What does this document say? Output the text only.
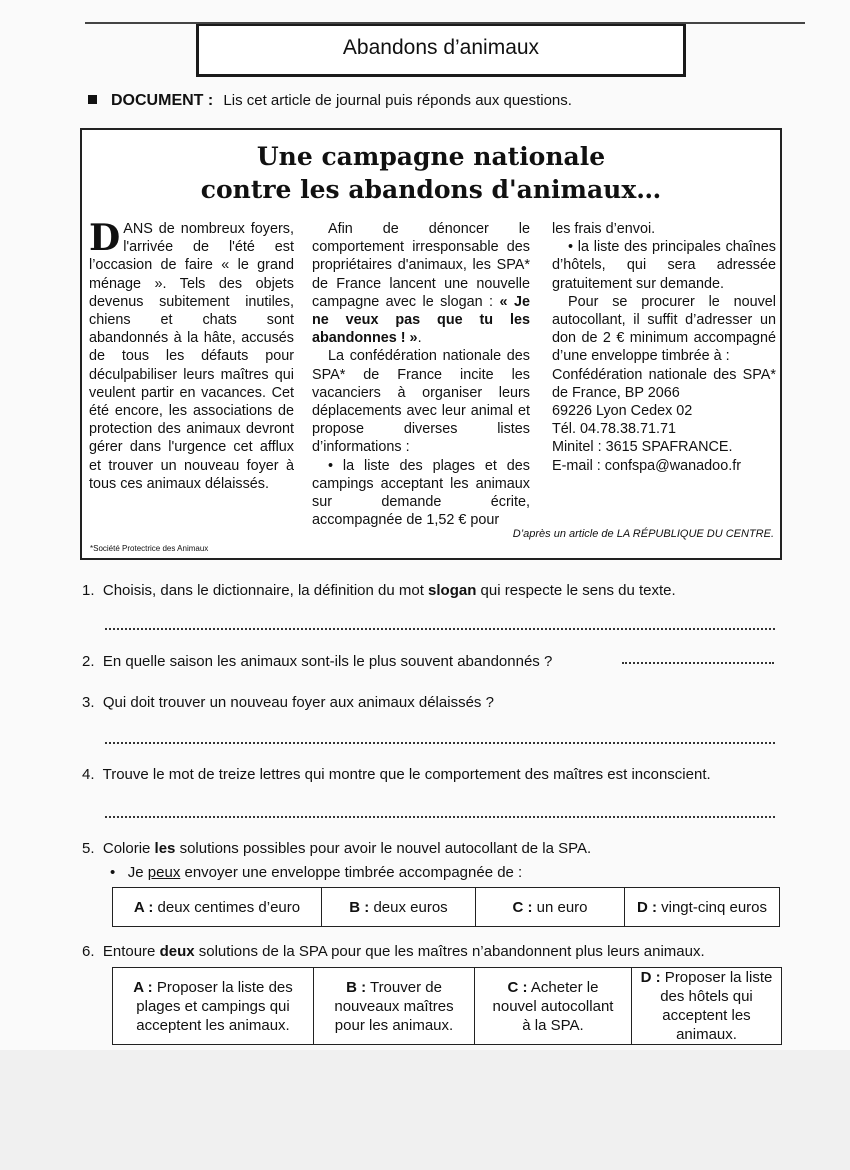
Abandons d’animaux
DOCUMENT : Lis cet article de journal puis réponds aux questions.
Une campagne nationale
contre les abandons d'animaux…

DANS de nombreux foyers, l'arrivée de l'été est l’occasion de faire « le grand ménage ». Tels des objets devenus subitement inutiles, chiens et chats sont abandonnés à la hâte, accusés de tous les défauts pour déculpabiliser leurs maîtres qui veulent partir en vacances. Cet été encore, les associations de protection des animaux devront gérer dans l'urgence cet afflux et trouver un nouveau foyer à tous ces animaux délaissés.

Afin de dénoncer le comportement irresponsable des propriétaires d'animaux, les SPA* de France lancent une nouvelle campagne avec le slogan : « Je ne veux pas que tu les abandonnes ! ».

La confédération nationale des SPA* de France incite les vacanciers à organiser leurs déplacements avec leur animal et propose diverses listes d’informations :

• la liste des plages et des campings acceptant les animaux sur demande écrite, accompagnée de 1,52 € pour

les frais d’envoi.

• la liste des principales chaînes d’hôtels, qui sera adressée gratuitement sur demande.

Pour se procurer le nouvel autocollant, il suffit d’adresser un don de 2 € minimum accompagné d’une enveloppe timbrée à :

Confédération nationale des SPA* de France, BP 2066

69226 Lyon Cedex 02

Tél. 04.78.38.71.71

Minitel : 3615 SPAFRANCE.

E-mail : confspa@wanadoo.fr

D’après un article de LA RÉPUBLIQUE DU CENTRE.
*Société Protectrice des Animaux
1. Choisis, dans le dictionnaire, la définition du mot slogan qui respecte le sens du texte.
2. En quelle saison les animaux sont-ils le plus souvent abandonnés ?
3. Qui doit trouver un nouveau foyer aux animaux délaissés ?
4. Trouve le mot de treize lettres qui montre que le comportement des maîtres est inconscient.
5. Colorie les solutions possibles pour avoir le nouvel autocollant de la SPA.
• Je peux envoyer une enveloppe timbrée accompagnée de :
A : deux centimes d’euro	B : deux euros	C : un euro	D : vingt-cinq euros
6. Entoure deux solutions de la SPA pour que les maîtres n’abandonnent plus leurs animaux.
A : Proposer la liste des
plages et campings qui
acceptent les animaux.	B : Trouver de
nouveaux maîtres
pour les animaux.	C : Acheter le
nouvel autocollant
à la SPA.	D : Proposer la liste
des hôtels qui
acceptent les animaux.
